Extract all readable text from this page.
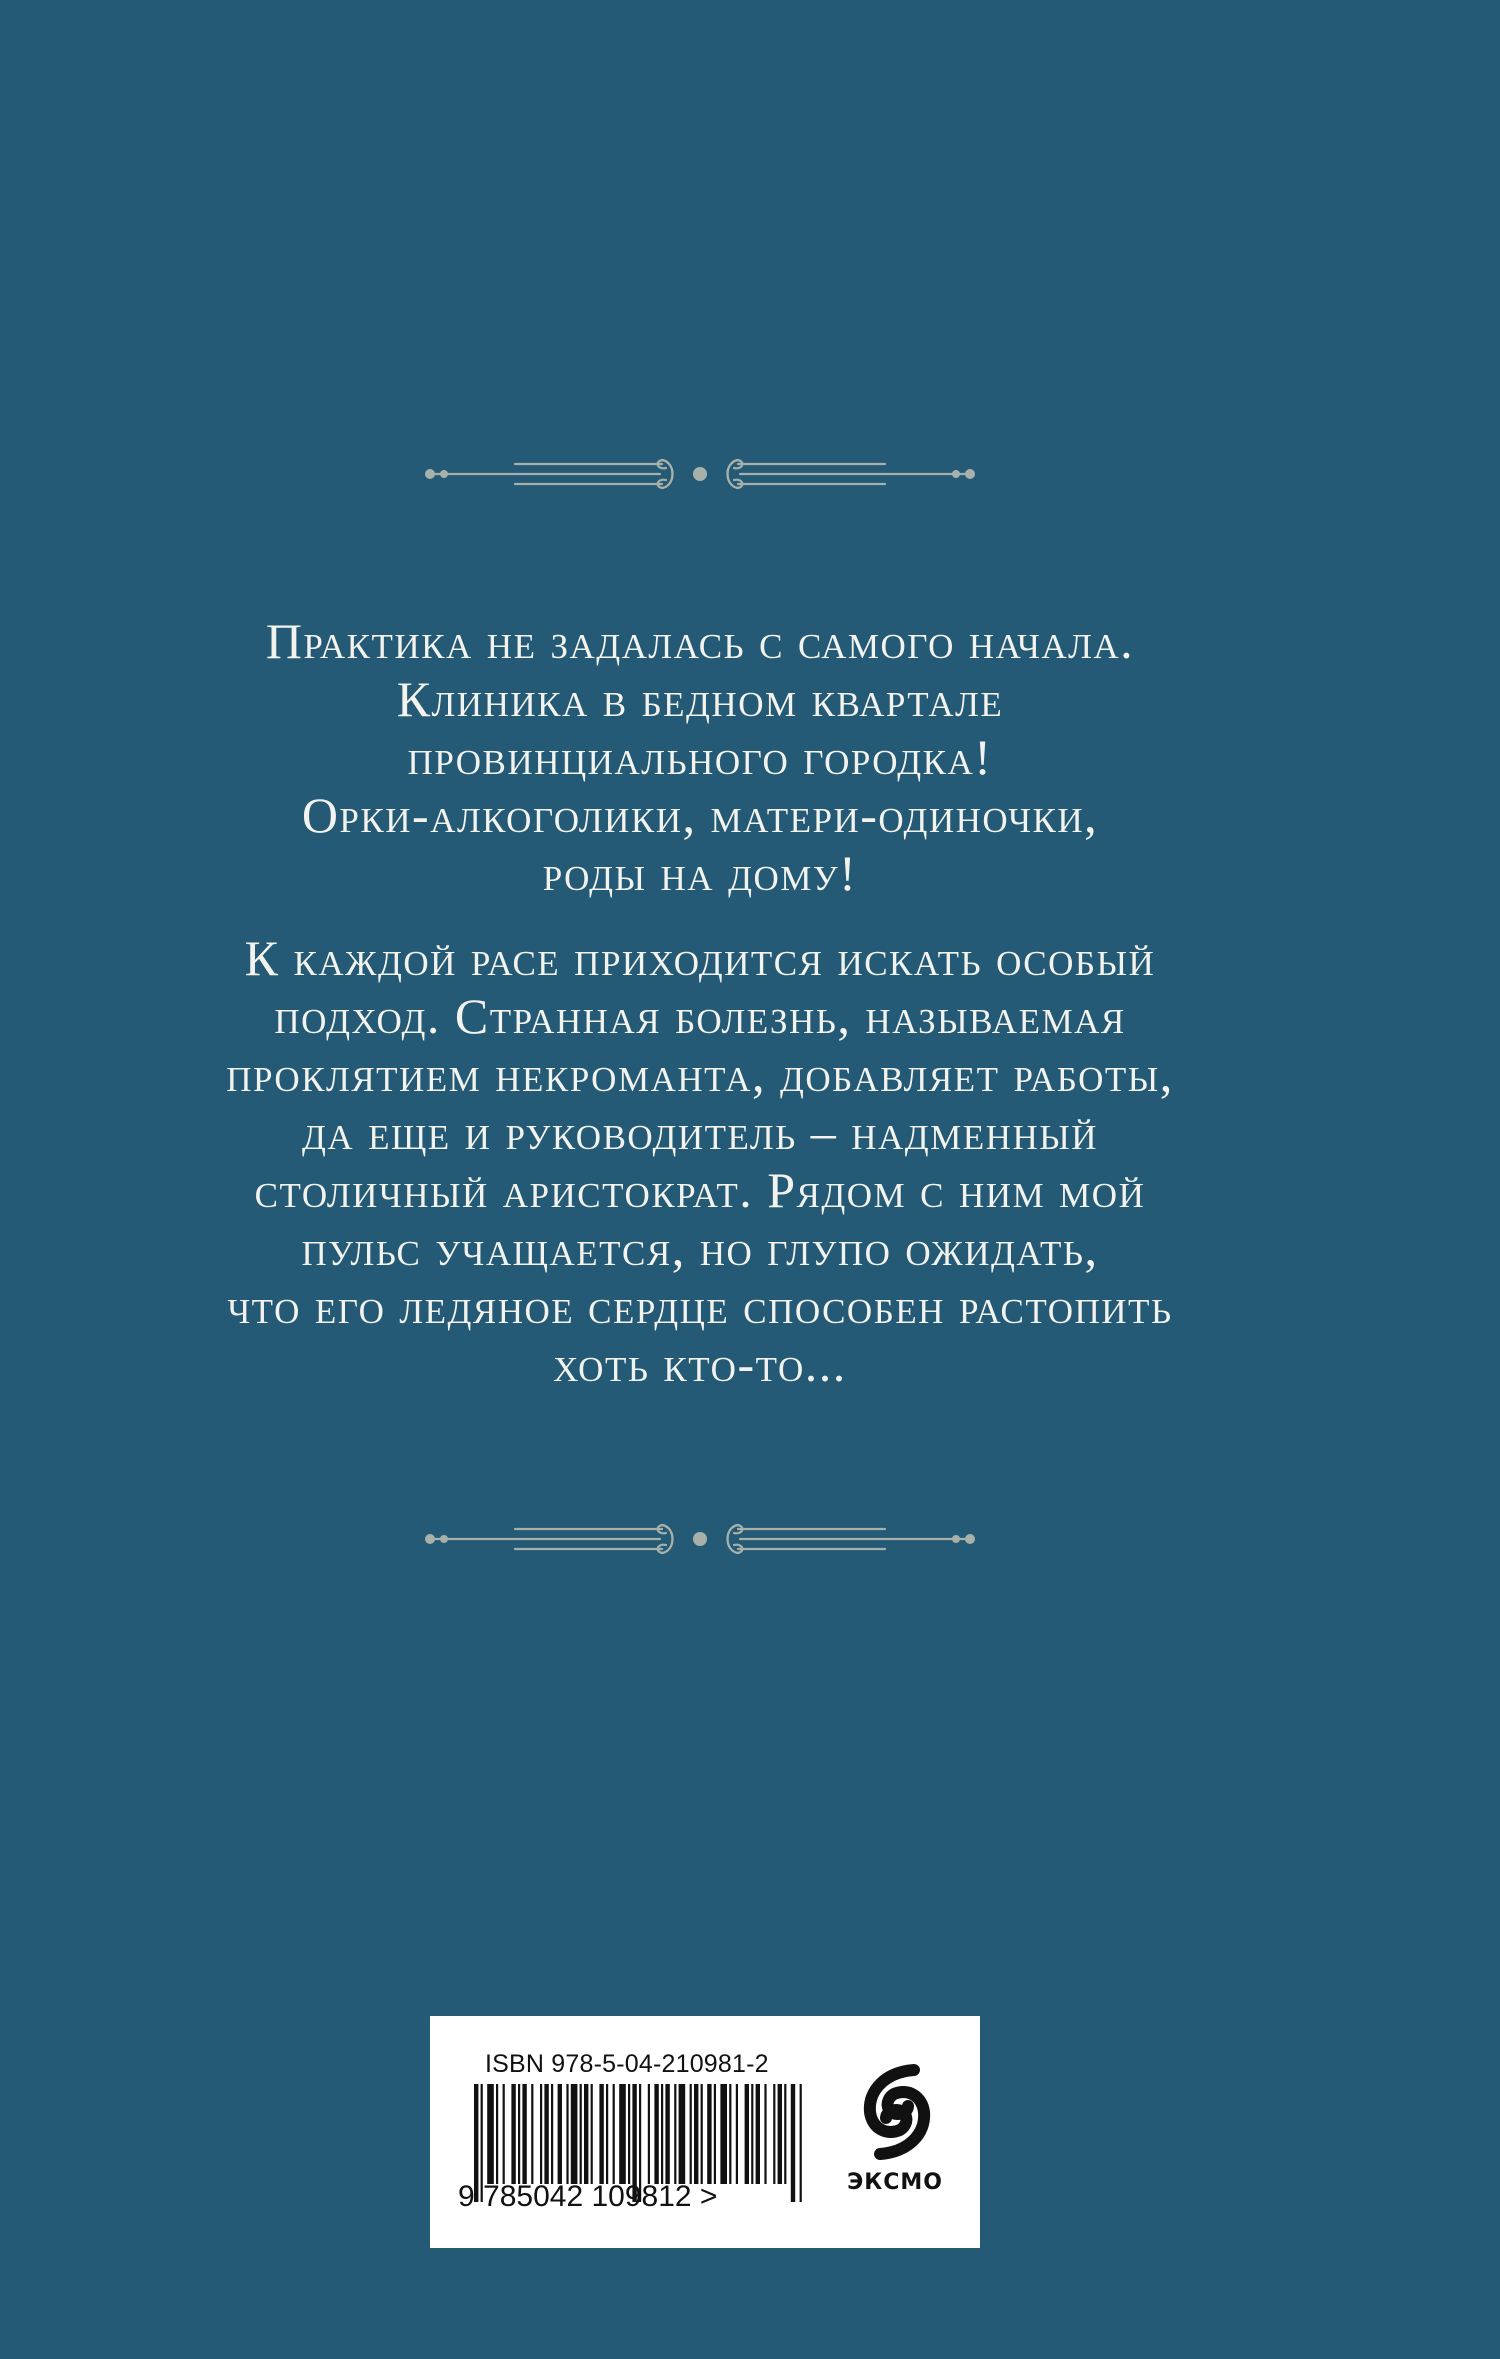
Практика не задалась с самого начала.
Клиника в бедном квартале
провинциального городка!
Орки-алкоголики, матери-одиночки,
роды на дому!
К каждой расе приходится искать особый
подход. Странная болезнь, называемая
проклятием некроманта, добавляет работы,
да еще и руководитель – надменный
столичный аристократ. Рядом с ним мой
пульс учащается, но глупо ожидать,
что его ледяное сердце способен растопить
хоть кто-то...
ISBN 978-5-04-210981-2
9 785042 109812 >	ЭКСМО
